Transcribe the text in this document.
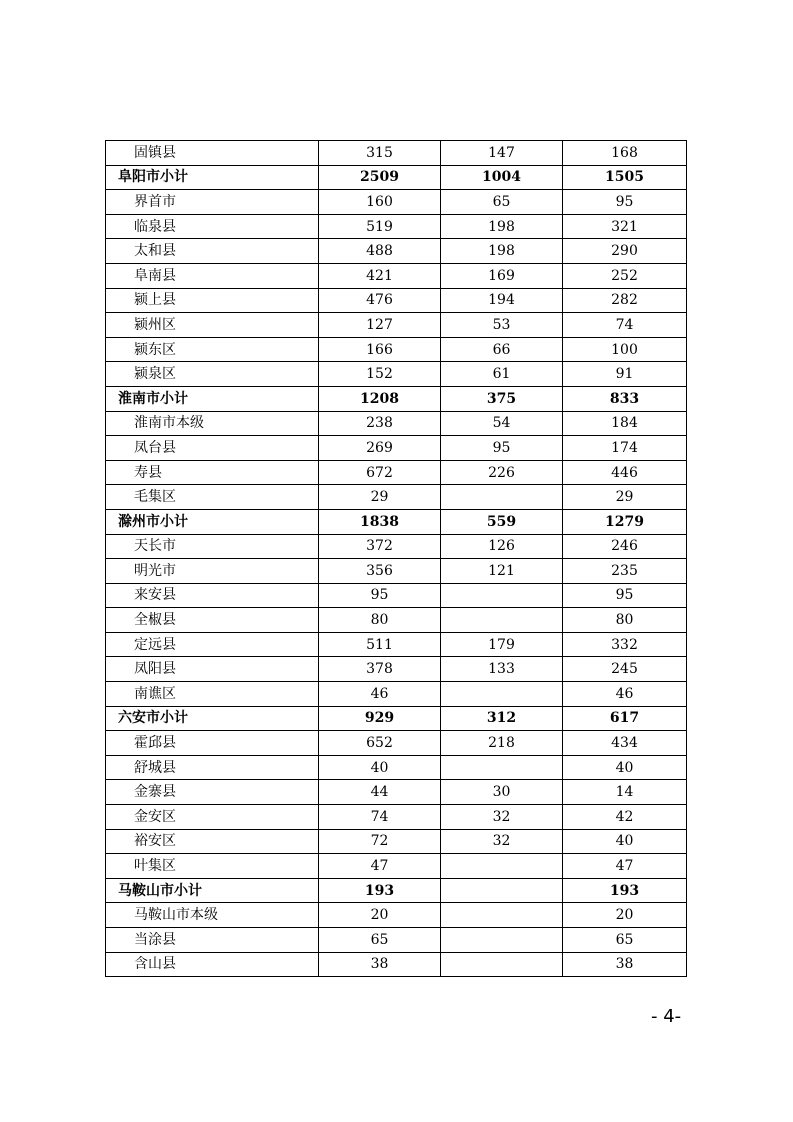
固镇县	315	147	168
阜阳市小计	2509	1004	1505
界首市	160	65	95
临泉县	519	198	321
太和县	488	198	290
阜南县	421	169	252
颍上县	476	194	282
颍州区	127	53	74
颍东区	166	66	100
颍泉区	152	61	91
淮南市小计	1208	375	833
淮南市本级	238	54	184
凤台县	269	95	174
寿县	672	226	446
毛集区	29		29
滁州市小计	1838	559	1279
天长市	372	126	246
明光市	356	121	235
来安县	95		95
全椒县	80		80
定远县	511	179	332
凤阳县	378	133	245
南谯区	46		46
六安市小计	929	312	617
霍邱县	652	218	434
舒城县	40		40
金寨县	44	30	14
金安区	74	32	42
裕安区	72	32	40
叶集区	47		47
马鞍山市小计	193		193
马鞍山市本级	20		20
当涂县	65		65
含山县	38		38
- 4-
